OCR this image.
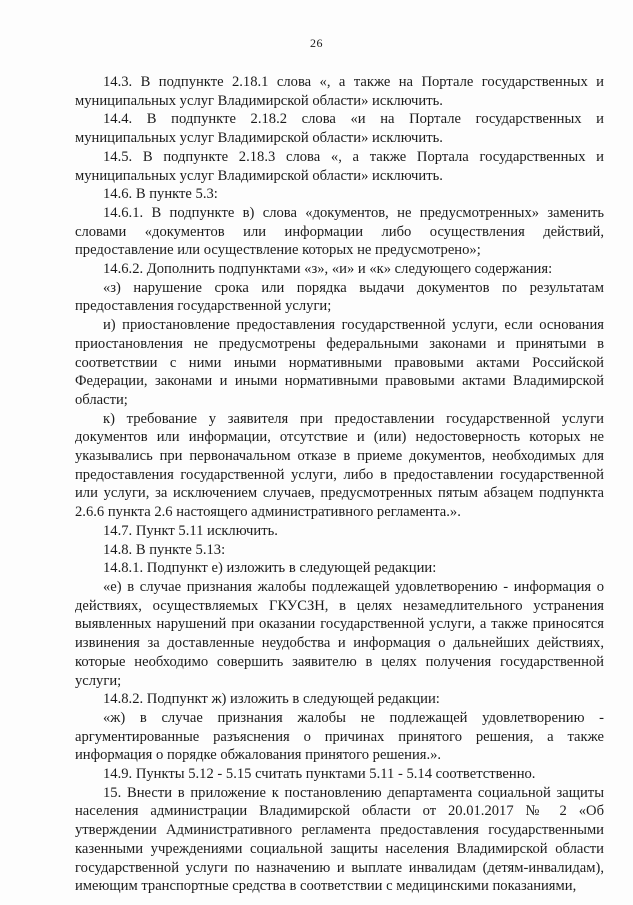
26

14.3. В подпункте 2.18.1 слова «, а также на Портале государственных и муниципальных услуг Владимирской области» исключить.

14.4. В подпункте 2.18.2 слова «и на Портале государственных и муниципальных услуг Владимирской области» исключить.

14.5. В подпункте 2.18.3 слова «, а также Портала государственных и муниципальных услуг Владимирской области» исключить.

14.6. В пункте 5.3:

14.6.1. В подпункте в) слова «документов, не предусмотренных» заменить словами «документов или информации либо осуществления действий, предоставление или осуществление которых не предусмотрено»;

14.6.2. Дополнить подпунктами «з», «и» и «к» следующего содержания:

«з) нарушение срока или порядка выдачи документов по результатам предоставления государственной услуги;

и) приостановление предоставления государственной услуги, если основания приостановления не предусмотрены федеральными законами и принятыми в соответствии с ними иными нормативными правовыми актами Российской Федерации, законами и иными нормативными правовыми актами Владимирской области;

к) требование у заявителя при предоставлении государственной услуги документов или информации, отсутствие и (или) недостоверность которых не указывались при первоначальном отказе в приеме документов, необходимых для предоставления государственной услуги, либо в предоставлении государственной или услуги, за исключением случаев, предусмотренных пятым абзацем подпункта 2.6.6 пункта 2.6 настоящего административного регламента.».

14.7. Пункт 5.11 исключить.

14.8. В пункте 5.13:

14.8.1. Подпункт е) изложить в следующей редакции:

«е) в случае признания жалобы подлежащей удовлетворению - информация о действиях, осуществляемых ГКУСЗН, в целях незамедлительного устранения выявленных нарушений при оказании государственной услуги, а также приносятся извинения за доставленные неудобства и информация о дальнейших действиях, которые необходимо совершить заявителю в целях получения государственной услуги;

14.8.2. Подпункт ж) изложить в следующей редакции:

«ж) в случае признания жалобы не подлежащей удовлетворению - аргументированные разъяснения о причинах принятого решения, а также информация о порядке обжалования принятого решения.».

14.9. Пункты 5.12 - 5.15 считать пунктами 5.11 - 5.14 соответственно.

15. Внести в приложение к постановлению департамента социальной защиты населения администрации Владимирской области от 20.01.2017 № 2 «Об утверждении Административного регламента предоставления государственными казенными учреждениями социальной защиты населения Владимирской области государственной услуги по назначению и выплате инвалидам (детям-инвалидам), имеющим транспортные средства в соответствии с медицинскими показаниями,
